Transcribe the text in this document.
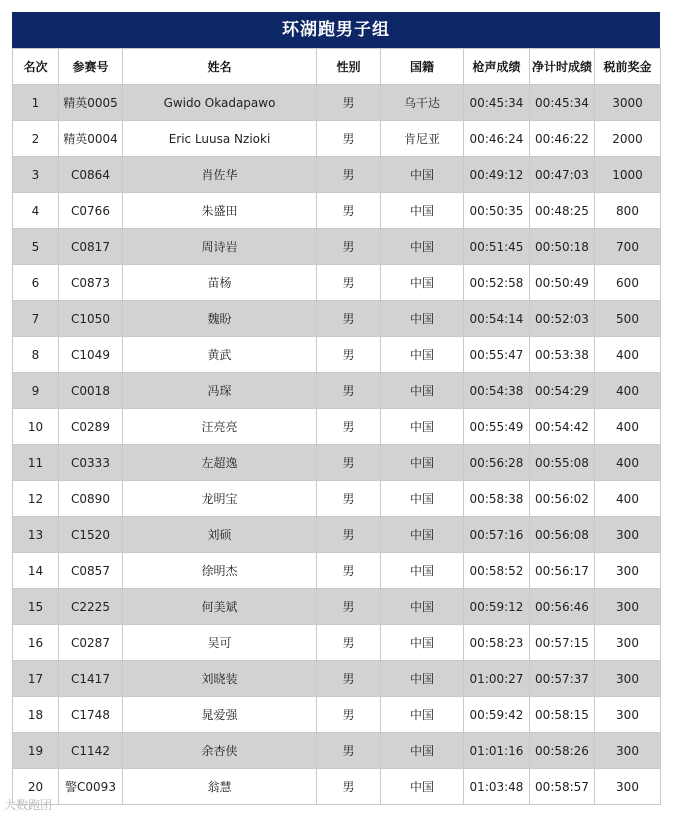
环湖跑男子组
名次	参赛号	姓名	性别	国籍	枪声成绩	净计时成绩	税前奖金
1	精英0005	Gwido Okadapawo	男	乌干达	00:45:34	00:45:34	3000
2	精英0004	Eric Luusa Nzioki	男	肯尼亚	00:46:24	00:46:22	2000
3	C0864	肖佐华	男	中国	00:49:12	00:47:03	1000
4	C0766	朱盛田	男	中国	00:50:35	00:48:25	800
5	C0817	周诗岩	男	中国	00:51:45	00:50:18	700
6	C0873	苗杨	男	中国	00:52:58	00:50:49	600
7	C1050	魏盼	男	中国	00:54:14	00:52:03	500
8	C1049	黄武	男	中国	00:55:47	00:53:38	400
9	C0018	冯琛	男	中国	00:54:38	00:54:29	400
10	C0289	汪亮亮	男	中国	00:55:49	00:54:42	400
11	C0333	左超逸	男	中国	00:56:28	00:55:08	400
12	C0890	龙明宝	男	中国	00:58:38	00:56:02	400
13	C1520	刘硕	男	中国	00:57:16	00:56:08	300
14	C0857	徐明杰	男	中国	00:58:52	00:56:17	300
15	C2225	何美斌	男	中国	00:59:12	00:56:46	300
16	C0287	吴可	男	中国	00:58:23	00:57:15	300
17	C1417	刘晓装	男	中国	01:00:27	00:57:37	300
18	C1748	晁爱强	男	中国	00:59:42	00:58:15	300
19	C1142	余杏侠	男	中国	01:01:16	00:58:26	300
20	警C0093	翁慧	男	中国	01:03:48	00:58:57	300
大数跑团
